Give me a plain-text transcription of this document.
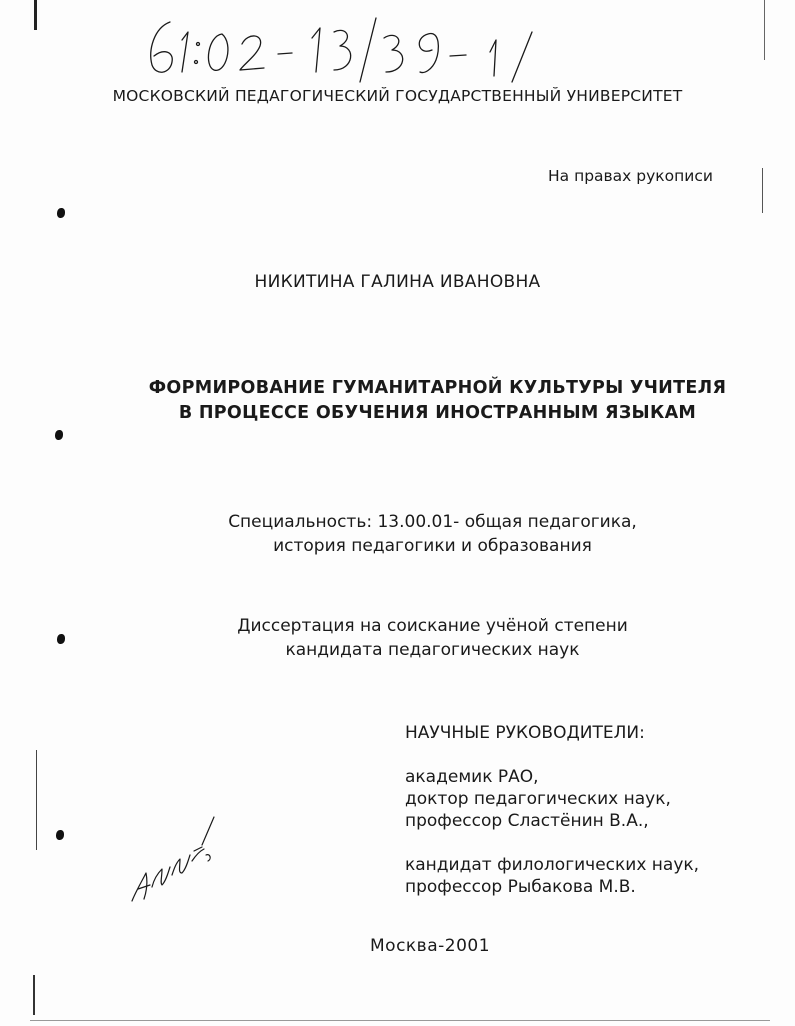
МОСКОВСКИЙ ПЕДАГОГИЧЕСКИЙ ГОСУДАРСТВЕННЫЙ УНИВЕРСИТЕТ
На правах рукописи
НИКИТИНА ГАЛИНА ИВАНОВНА
ФОРМИРОВАНИЕ ГУМАНИТАРНОЙ КУЛЬТУРЫ УЧИТЕЛЯ
В ПРОЦЕССЕ ОБУЧЕНИЯ ИНОСТРАННЫМ ЯЗЫКАМ
Специальность: 13.00.01- общая педагогика,
история педагогики и образования
Диссертация на соискание учёной степени
кандидата педагогических наук
НАУЧНЫЕ РУКОВОДИТЕЛИ:
академик РАО,
доктор педагогических наук,
профессор Сластёнин В.А.,
кандидат филологических наук,
профессор Рыбакова М.В.
Москва-2001
